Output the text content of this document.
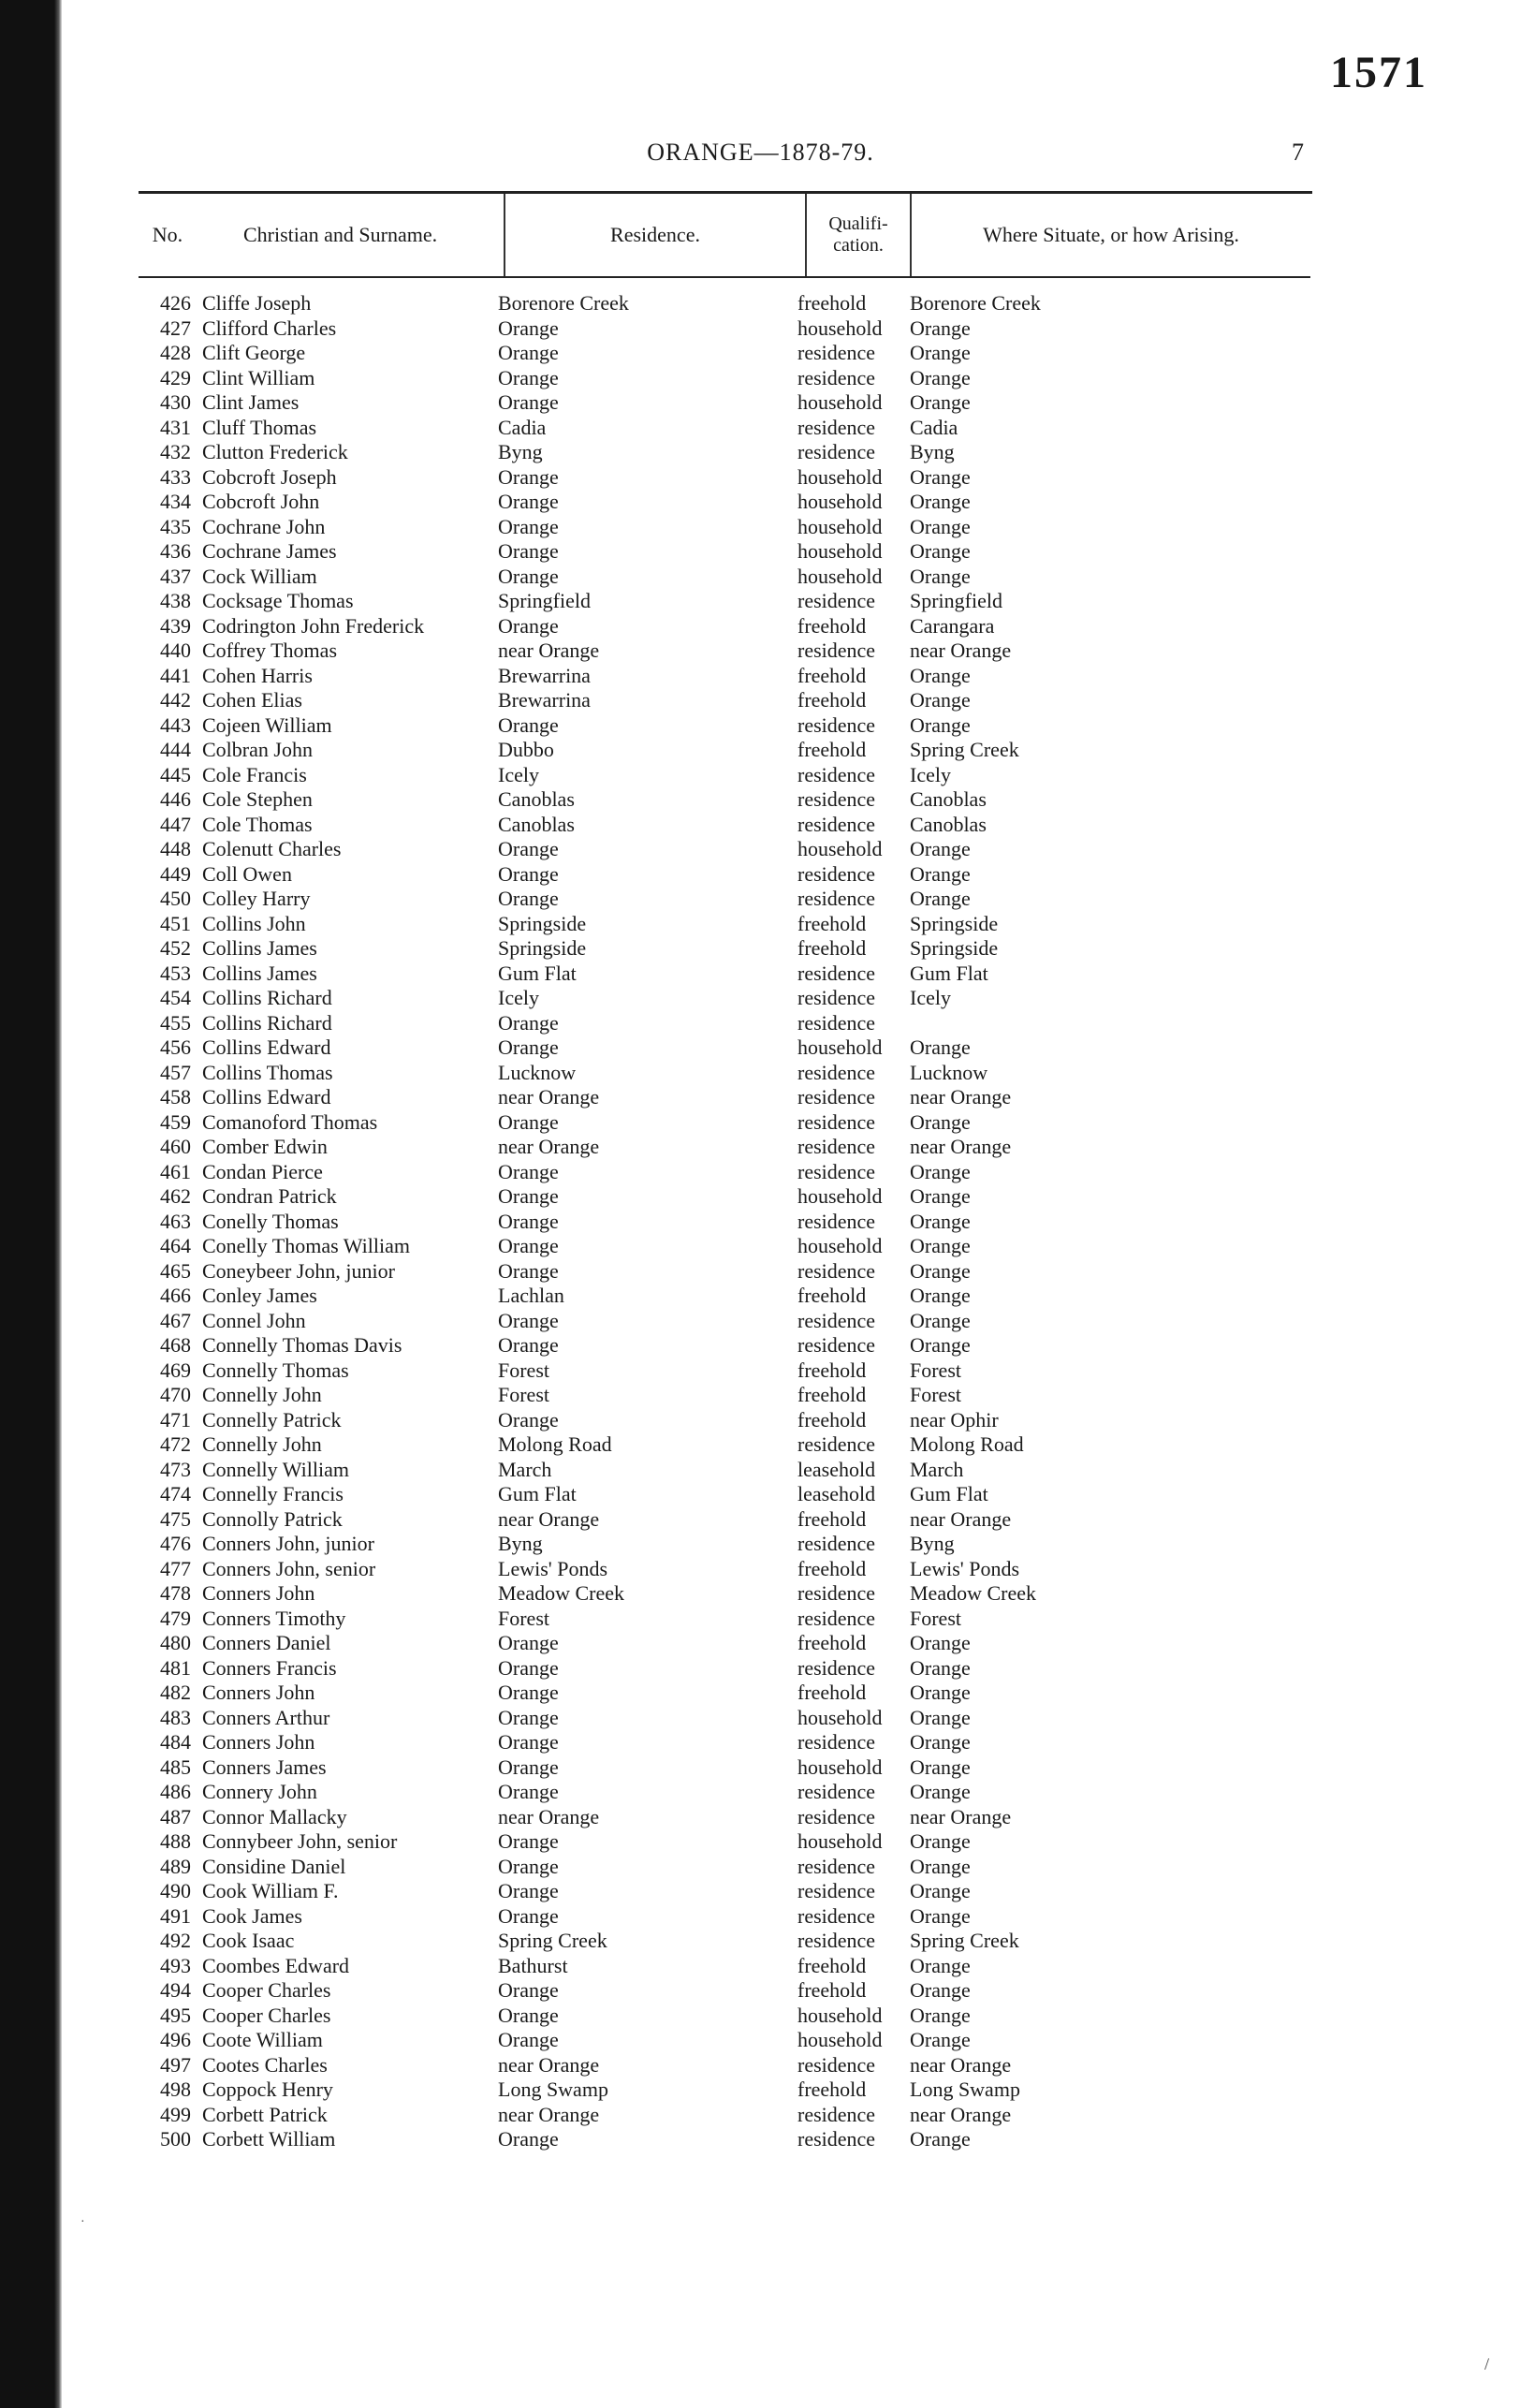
1571
ORANGE—1878-79.	7
No.	Christian and Surname.	Residence.	Qualifi-cation.	Where Situate, or how Arising.
426 Cliffe Joseph	Borenore Creek	freehold	Borenore Creek
427 Clifford Charles	Orange	household	Orange
428 Clift George	Orange	residence	Orange
429 Clint William	Orange	residence	Orange
430 Clint James	Orange	household	Orange
431 Cluff Thomas	Cadia	residence	Cadia
432 Clutton Frederick	Byng	residence	Byng
433 Cobcroft Joseph	Orange	household	Orange
434 Cobcroft John	Orange	household	Orange
435 Cochrane John	Orange	household	Orange
436 Cochrane James	Orange	household	Orange
437 Cock William	Orange	household	Orange
438 Cocksage Thomas	Springfield	residence	Springfield
439 Codrington John Frederick	Orange	freehold	Carangara
440 Coffrey Thomas	near Orange	residence	near Orange
441 Cohen Harris	Brewarrina	freehold	Orange
442 Cohen Elias	Brewarrina	freehold	Orange
443 Cojeen William	Orange	residence	Orange
444 Colbran John	Dubbo	freehold	Spring Creek
445 Cole Francis	Icely	residence	Icely
446 Cole Stephen	Canoblas	residence	Canoblas
447 Cole Thomas	Canoblas	residence	Canoblas
448 Colenutt Charles	Orange	household	Orange
449 Coll Owen	Orange	residence	Orange
450 Colley Harry	Orange	residence	Orange
451 Collins John	Springside	freehold	Springside
452 Collins James	Springside	freehold	Springside
453 Collins James	Gum Flat	residence	Gum Flat
454 Collins Richard	Icely	residence	Icely
455 Collins Richard	Orange	residence
456 Collins Edward	Orange	household	Orange
457 Collins Thomas	Lucknow	residence	Lucknow
458 Collins Edward	near Orange	residence	near Orange
459 Comanoford Thomas	Orange	residence	Orange
460 Comber Edwin	near Orange	residence	near Orange
461 Condan Pierce	Orange	residence	Orange
462 Condran Patrick	Orange	household	Orange
463 Conelly Thomas	Orange	residence	Orange
464 Conelly Thomas William	Orange	household	Orange
465 Coneybeer John, junior	Orange	residence	Orange
466 Conley James	Lachlan	freehold	Orange
467 Connel John	Orange	residence	Orange
468 Connelly Thomas Davis	Orange	residence	Orange
469 Connelly Thomas	Forest	freehold	Forest
470 Connelly John	Forest	freehold	Forest
471 Connelly Patrick	Orange	freehold	near Ophir
472 Connelly John	Molong Road	residence	Molong Road
473 Connelly William	March	leasehold	March
474 Connelly Francis	Gum Flat	leasehold	Gum Flat
475 Connolly Patrick	near Orange	freehold	near Orange
476 Conners John, junior	Byng	residence	Byng
477 Conners John, senior	Lewis' Ponds	freehold	Lewis' Ponds
478 Conners John	Meadow Creek	residence	Meadow Creek
479 Conners Timothy	Forest	residence	Forest
480 Conners Daniel	Orange	freehold	Orange
481 Conners Francis	Orange	residence	Orange
482 Conners John	Orange	freehold	Orange
483 Conners Arthur	Orange	household	Orange
484 Conners John	Orange	residence	Orange
485 Conners James	Orange	household	Orange
486 Connery John	Orange	residence	Orange
487 Connor Mallacky	near Orange	residence	near Orange
488 Connybeer John, senior	Orange	household	Orange
489 Considine Daniel	Orange	residence	Orange
490 Cook William F.	Orange	residence	Orange
491 Cook James	Orange	residence	Orange
492 Cook Isaac	Spring Creek	residence	Spring Creek
493 Coombes Edward	Bathurst	freehold	Orange
494 Cooper Charles	Orange	freehold	Orange
495 Cooper Charles	Orange	household	Orange
496 Coote William	Orange	household	Orange
497 Cootes Charles	near Orange	residence	near Orange
498 Coppock Henry	Long Swamp	freehold	Long Swamp
499 Corbett Patrick	near Orange	residence	near Orange
500 Corbett William	Orange	residence	Orange
/
·
